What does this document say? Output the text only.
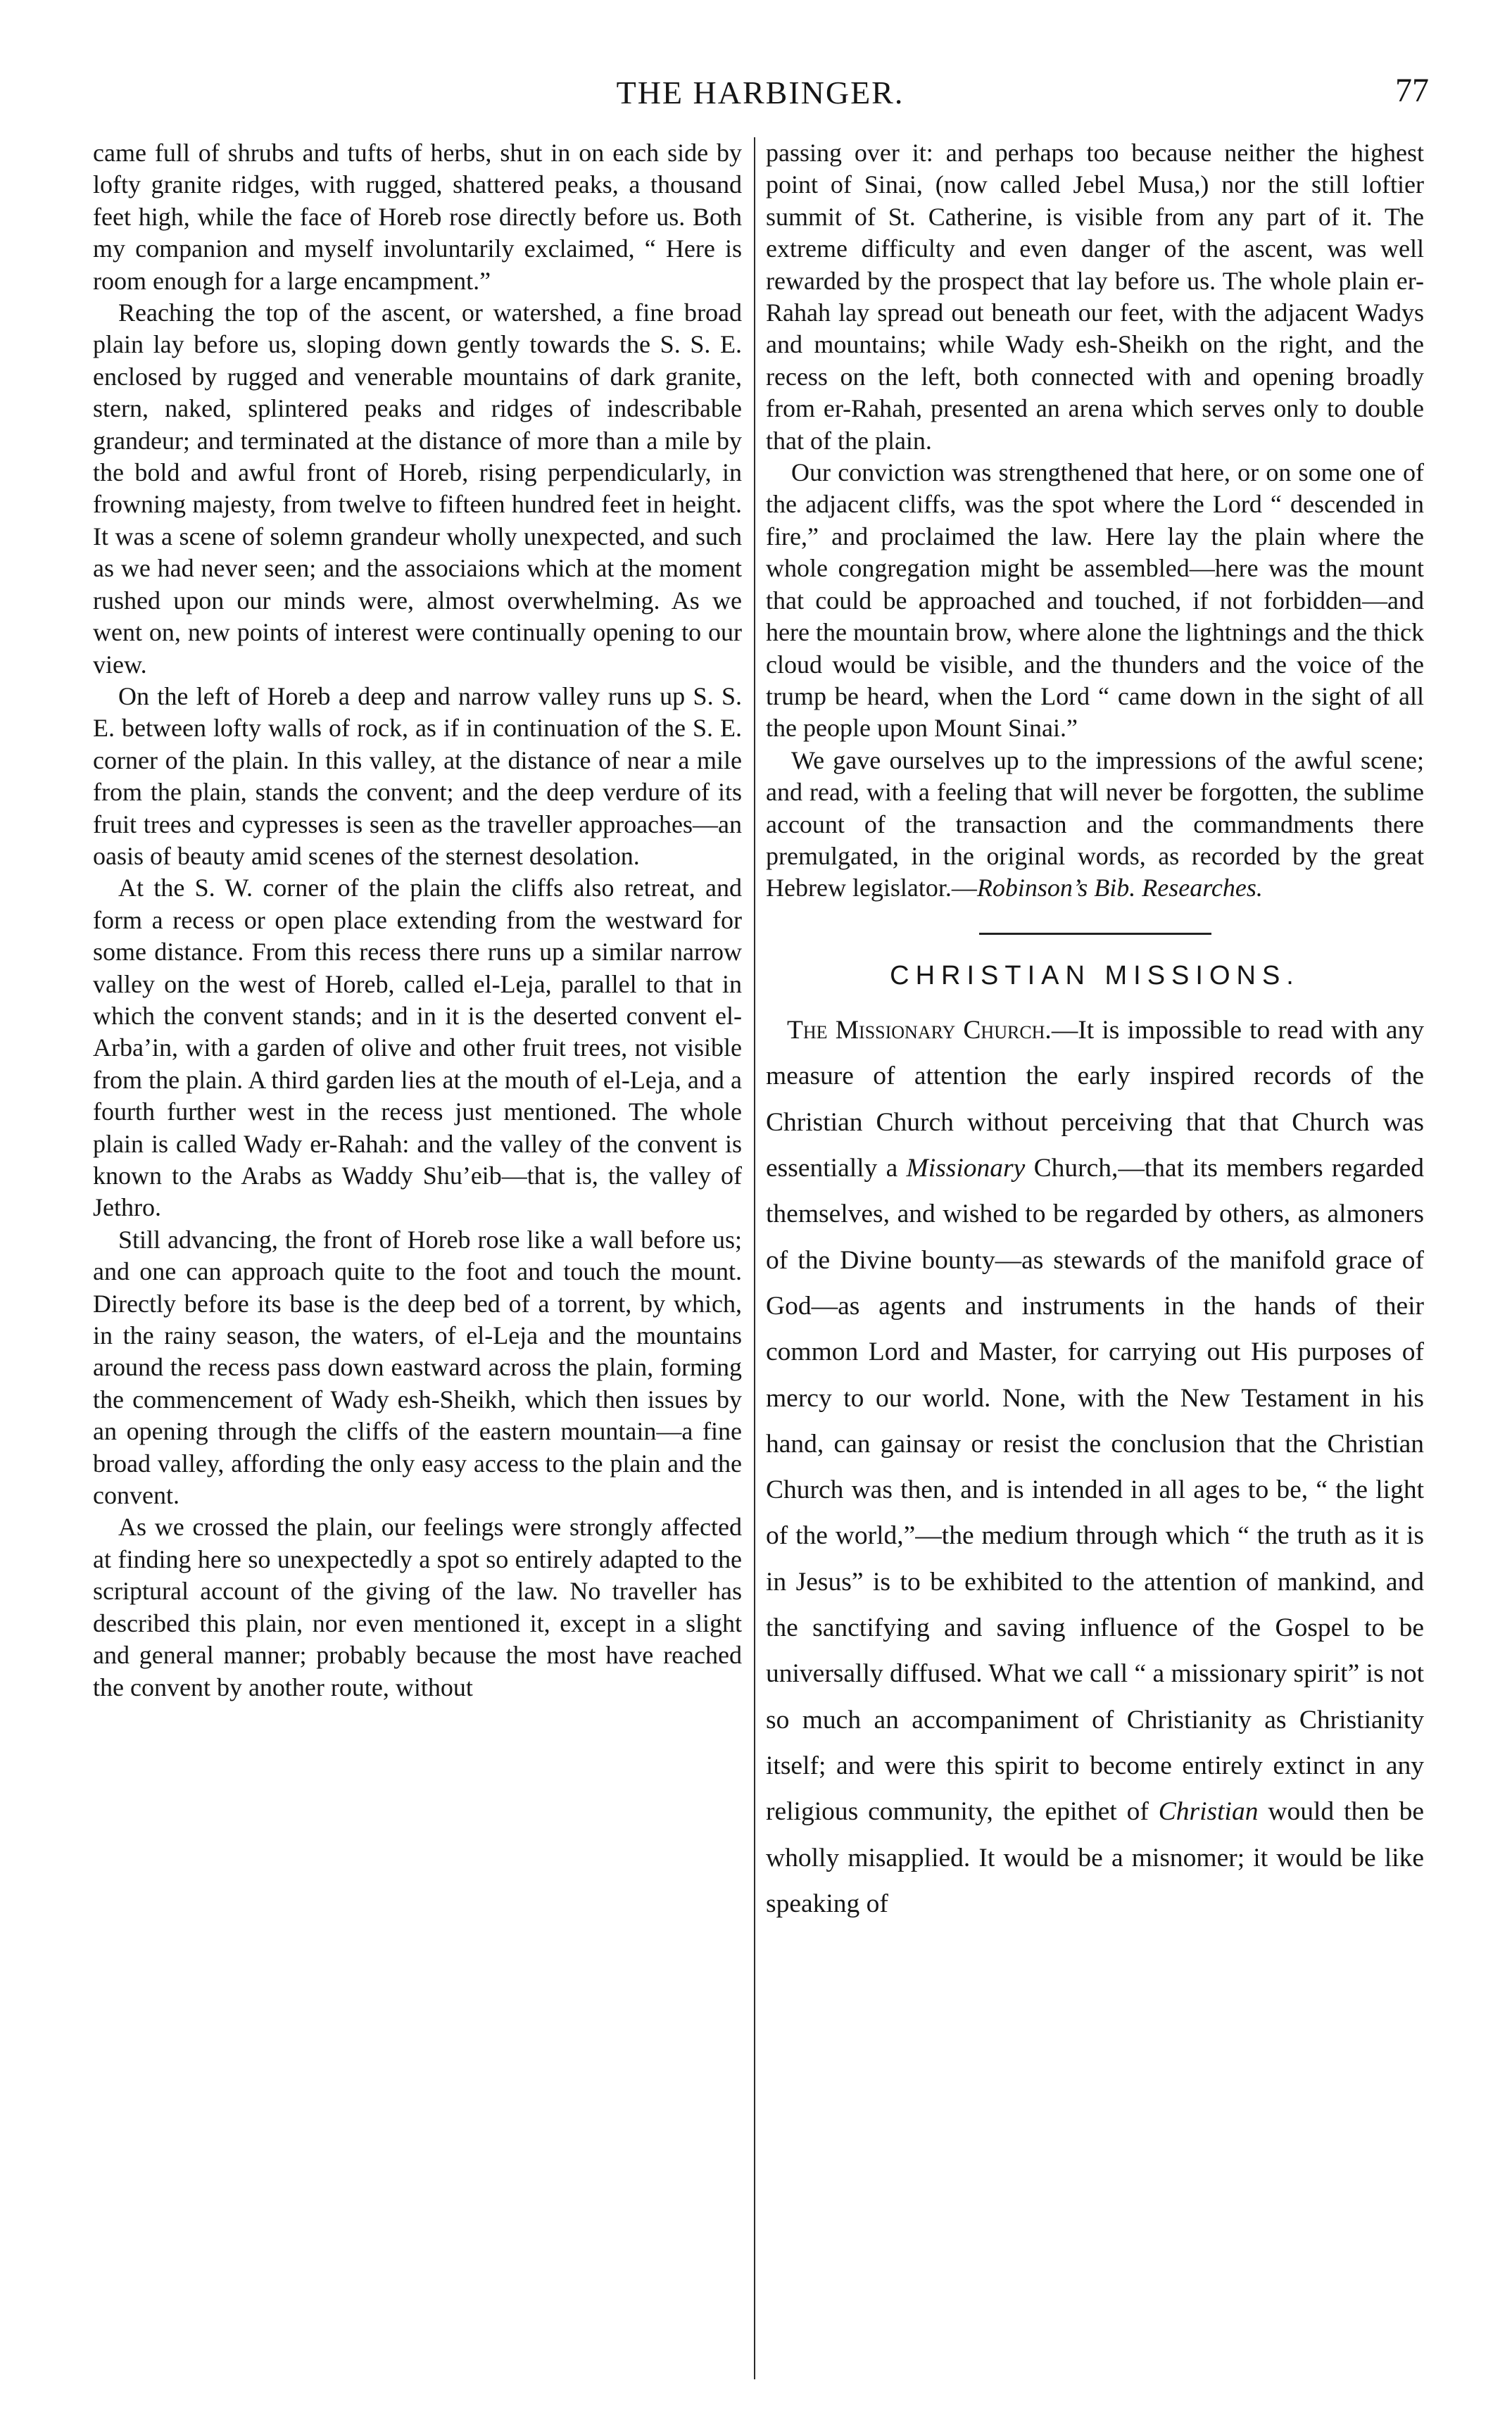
THE HARBINGER.	77

came full of shrubs and tufts of herbs, shut in on each side by lofty granite ridges, with rugged, shattered peaks, a thousand feet high, while the face of Horeb rose directly before us. Both my companion and myself involuntarily exclaimed, “ Here is room enough for a large encampment.”

Reaching the top of the ascent, or watershed, a fine broad plain lay before us, sloping down gently towards the S. S. E. enclosed by rugged and venerable mountains of dark granite, stern, naked, splintered peaks and ridges of indescribable grandeur; and terminated at the distance of more than a mile by the bold and awful front of Horeb, rising perpendicularly, in frowning majesty, from twelve to fifteen hundred feet in height. It was a scene of solemn grandeur wholly unexpected, and such as we had never seen; and the associaions which at the moment rushed upon our minds were, almost overwhelming. As we went on, new points of interest were continually opening to our view.

On the left of Horeb a deep and narrow valley runs up S. S. E. between lofty walls of rock, as if in continuation of the S. E. corner of the plain. In this valley, at the distance of near a mile from the plain, stands the convent; and the deep verdure of its fruit trees and cypresses is seen as the traveller approaches—an oasis of beauty amid scenes of the sternest desolation.

At the S. W. corner of the plain the cliffs also retreat, and form a recess or open place extending from the westward for some distance. From this recess there runs up a similar narrow valley on the west of Horeb, called el-Leja, parallel to that in which the convent stands; and in it is the deserted convent el-Arba’in, with a garden of olive and other fruit trees, not visible from the plain. A third garden lies at the mouth of el-Leja, and a fourth further west in the recess just mentioned. The whole plain is called Wady er-Rahah: and the valley of the convent is known to the Arabs as Waddy Shu’eib—that is, the valley of Jethro.

Still advancing, the front of Horeb rose like a wall before us; and one can approach quite to the foot and touch the mount. Directly before its base is the deep bed of a torrent, by which, in the rainy season, the waters, of el-Leja and the mountains around the recess pass down eastward across the plain, forming the commencement of Wady esh-Sheikh, which then issues by an opening through the cliffs of the eastern mountain—a fine broad valley, affording the only easy access to the plain and the convent.

As we crossed the plain, our feelings were strongly affected at finding here so unexpectedly a spot so entirely adapted to the scriptural account of the giving of the law. No traveller has described this plain, nor even mentioned it, except in a slight and general manner; probably because the most have reached the convent by another route, without

passing over it: and perhaps too because neither the highest point of Sinai, (now called Jebel Musa,) nor the still loftier summit of St. Catherine, is visible from any part of it. The extreme difficulty and even danger of the ascent, was well rewarded by the prospect that lay before us. The whole plain er-Rahah lay spread out beneath our feet, with the adjacent Wadys and mountains; while Wady esh-Sheikh on the right, and the recess on the left, both connected with and opening broadly from er-Rahah, presented an arena which serves only to double that of the plain.

Our conviction was strengthened that here, or on some one of the adjacent cliffs, was the spot where the Lord “ descended in fire,” and proclaimed the law. Here lay the plain where the whole congregation might be assembled—here was the mount that could be approached and touched, if not forbidden—and here the mountain brow, where alone the lightnings and the thick cloud would be visible, and the thunders and the voice of the trump be heard, when the Lord “ came down in the sight of all the people upon Mount Sinai.”

We gave ourselves up to the impressions of the awful scene; and read, with a feeling that will never be forgotten, the sublime account of the transaction and the commandments there premulgated, in the original words, as recorded by the great Hebrew legislator.—Robinson’s Bib. Researches.

CHRISTIAN MISSIONS.

The Missionary Church.—It is impossible to read with any measure of attention the early inspired records of the Christian Church without perceiving that that Church was essentially a Missionary Church,—that its members regarded themselves, and wished to be regarded by others, as almoners of the Divine bounty—as stewards of the manifold grace of God—as agents and instruments in the hands of their common Lord and Master, for carrying out His purposes of mercy to our world. None, with the New Testament in his hand, can gainsay or resist the conclusion that the Christian Church was then, and is intended in all ages to be, “ the light of the world,”—the medium through which “ the truth as it is in Jesus” is to be exhibited to the attention of mankind, and the sanctifying and saving influence of the Gospel to be universally diffused. What we call “ a missionary spirit” is not so much an accompaniment of Christianity as Christianity itself; and were this spirit to become entirely extinct in any religious community, the epithet of Christian would then be wholly misapplied. It would be a misnomer; it would be like speaking of
